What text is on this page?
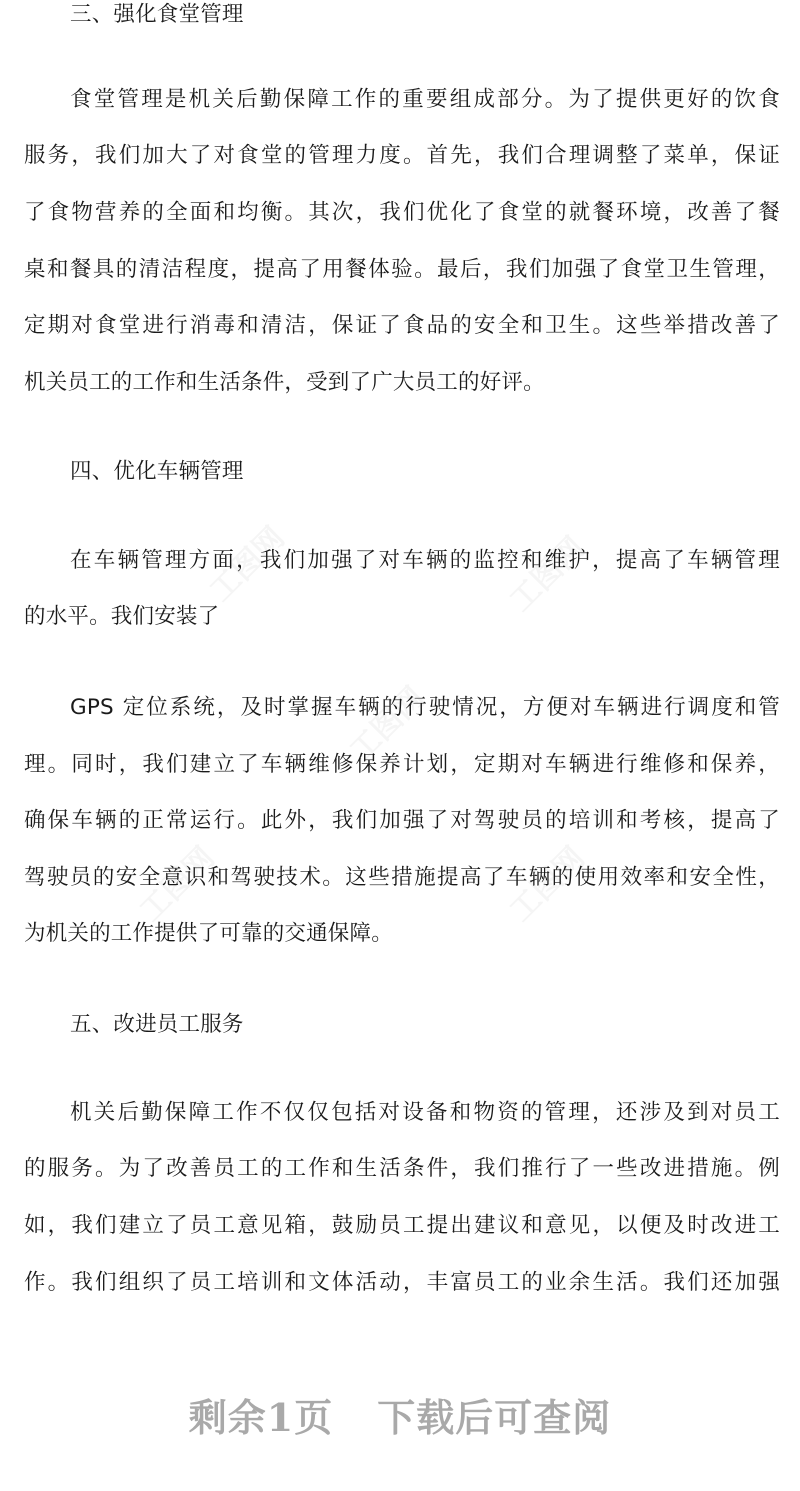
工图网	工图网
工图网
工图网	工图网
三、强化食堂管理
食堂管理是机关后勤保障工作的重要组成部分。为了提供更好的饮食
服务，我们加大了对食堂的管理力度。首先，我们合理调整了菜单，保证
了食物营养的全面和均衡。其次，我们优化了食堂的就餐环境，改善了餐
桌和餐具的清洁程度，提高了用餐体验。最后，我们加强了食堂卫生管理，
定期对食堂进行消毒和清洁，保证了食品的安全和卫生。这些举措改善了
机关员工的工作和生活条件，受到了广大员工的好评。
四、优化车辆管理
在车辆管理方面，我们加强了对车辆的监控和维护，提高了车辆管理
的水平。我们安装了
GPS 定位系统，及时掌握车辆的行驶情况，方便对车辆进行调度和管
理。同时，我们建立了车辆维修保养计划，定期对车辆进行维修和保养，
确保车辆的正常运行。此外，我们加强了对驾驶员的培训和考核，提高了
驾驶员的安全意识和驾驶技术。这些措施提高了车辆的使用效率和安全性，
为机关的工作提供了可靠的交通保障。
五、改进员工服务
机关后勤保障工作不仅仅包括对设备和物资的管理，还涉及到对员工
的服务。为了改善员工的工作和生活条件，我们推行了一些改进措施。例
如，我们建立了员工意见箱，鼓励员工提出建议和意见，以便及时改进工
作。我们组织了员工培训和文体活动，丰富员工的业余生活。我们还加强
剩余1页 下载后可查阅
